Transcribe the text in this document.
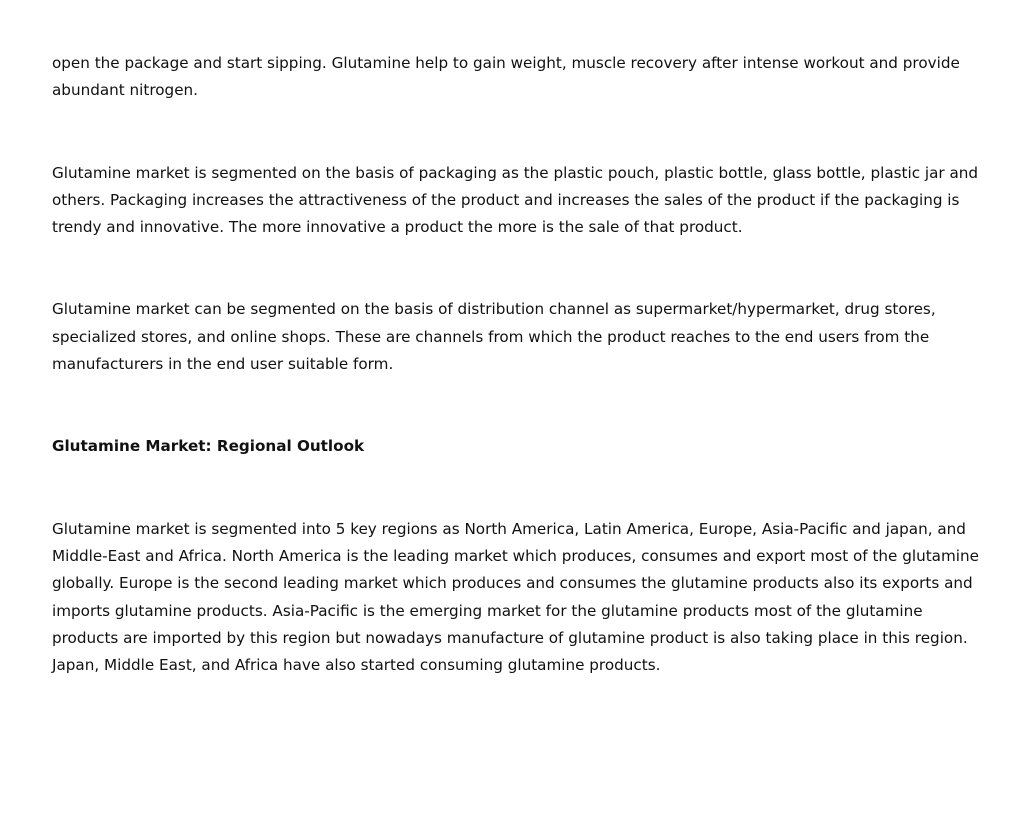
open the package and start sipping. Glutamine help to gain weight, muscle recovery after intense workout and provide abundant nitrogen.

Glutamine market is segmented on the basis of packaging as the plastic pouch, plastic bottle, glass bottle, plastic jar and others. Packaging increases the attractiveness of the product and increases the sales of the product if the packaging is trendy and innovative. The more innovative a product the more is the sale of that product.

Glutamine market can be segmented on the basis of distribution channel as supermarket/hypermarket, drug stores, specialized stores, and online shops. These are channels from which the product reaches to the end users from the manufacturers in the end user suitable form.

Glutamine Market: Regional Outlook

Glutamine market is segmented into 5 key regions as North America, Latin America, Europe, Asia-Pacific and japan, and Middle-East and Africa. North America is the leading market which produces, consumes and export most of the glutamine globally. Europe is the second leading market which produces and consumes the glutamine products also its exports and imports glutamine products. Asia-Pacific is the emerging market for the glutamine products most of the glutamine products are imported by this region but nowadays manufacture of glutamine product is also taking place in this region.  Japan, Middle East, and Africa have also started consuming glutamine products.
